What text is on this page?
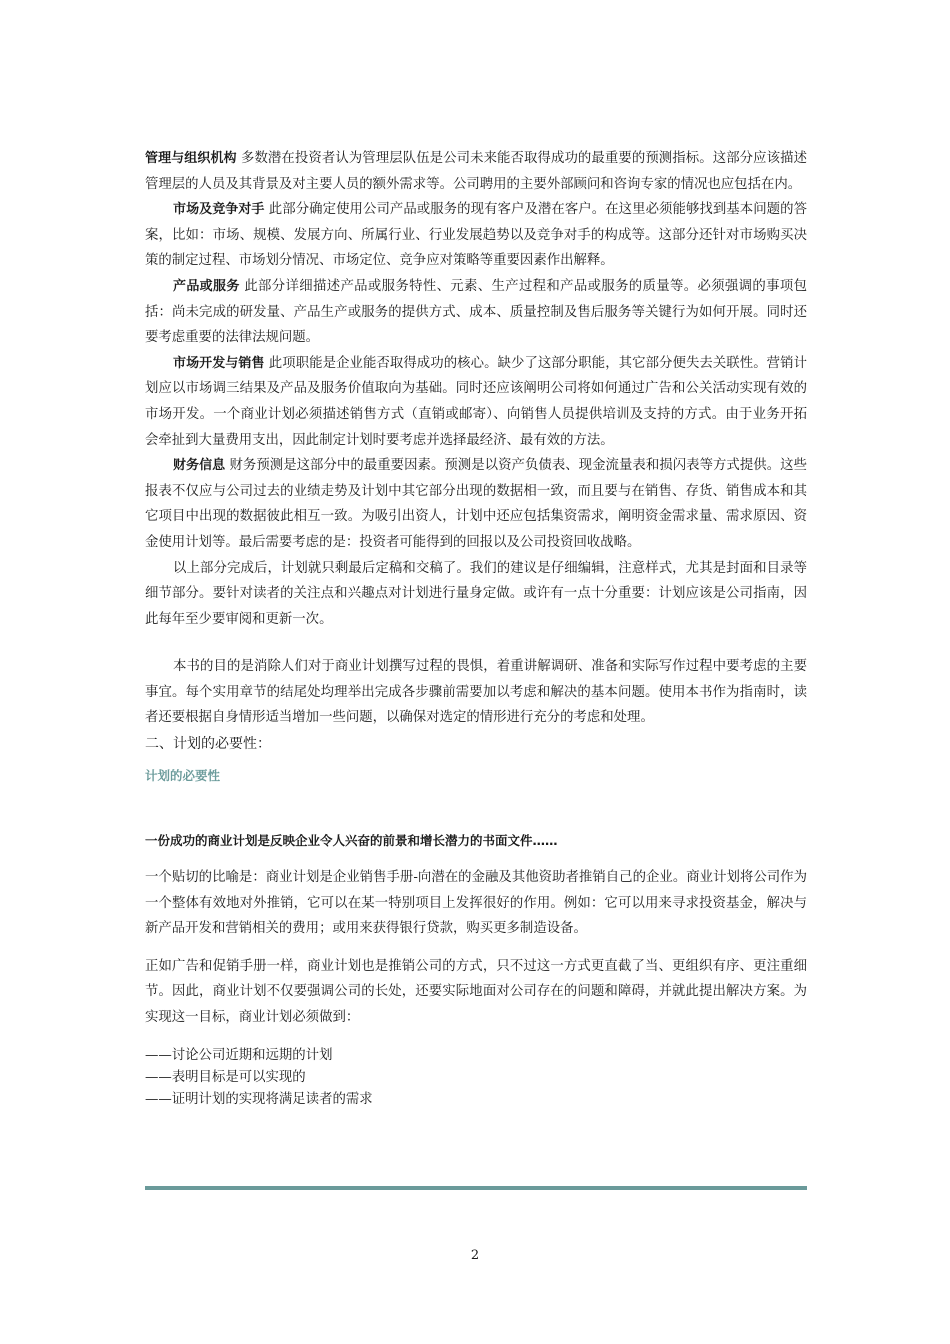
管理与组织机构 多数潜在投资者认为管理层队伍是公司未来能否取得成功的最重要的预测指标。这部分应该描述管理层的人员及其背景及对主要人员的额外需求等。公司聘用的主要外部顾问和咨询专家的情况也应包括在内。

市场及竞争对手 此部分确定使用公司产品或服务的现有客户及潜在客户。在这里必须能够找到基本问题的答案，比如：市场、规模、发展方向、所属行业、行业发展趋势以及竞争对手的构成等。这部分还针对市场购买决策的制定过程、市场划分情况、市场定位、竞争应对策略等重要因素作出解释。

产品或服务 此部分详细描述产品或服务特性、元素、生产过程和产品或服务的质量等。必须强调的事项包括：尚未完成的研发量、产品生产或服务的提供方式、成本、质量控制及售后服务等关键行为如何开展。同时还要考虑重要的法律法规问题。

市场开发与销售 此项职能是企业能否取得成功的核心。缺少了这部分职能，其它部分便失去关联性。营销计划应以市场调三结果及产品及服务价值取向为基础。同时还应该阐明公司将如何通过广告和公关活动实现有效的市场开发。一个商业计划必须描述销售方式（直销或邮寄）、向销售人员提供培训及支持的方式。由于业务开拓会牵扯到大量费用支出，因此制定计划时要考虑并选择最经济、最有效的方法。

财务信息 财务预测是这部分中的最重要因素。预测是以资产负债表、现金流量表和损闪表等方式提供。这些报表不仅应与公司过去的业绩走势及计划中其它部分出现的数据相一致，而且要与在销售、存货、销售成本和其它项目中出现的数据彼此相互一致。为吸引出资人，计划中还应包括集资需求，阐明资金需求量、需求原因、资金使用计划等。最后需要考虑的是：投资者可能得到的回报以及公司投资回收战略。

以上部分完成后，计划就只剩最后定稿和交稿了。我们的建议是仔细编辑，注意样式，尤其是封面和目录等细节部分。要针对读者的关注点和兴趣点对计划进行量身定做。或许有一点十分重要：计划应该是公司指南，因此每年至少要审阅和更新一次。

本书的目的是消除人们对于商业计划撰写过程的畏惧，着重讲解调研、准备和实际写作过程中要考虑的主要事宜。每个实用章节的结尾处均理举出完成各步骤前需要加以考虑和解决的基本问题。使用本书作为指南时，读者还要根据自身情形适当增加一些问题，以确保对选定的情形进行充分的考虑和处理。

二、计划的必要性：

计划的必要性

一份成功的商业计划是反映企业令人兴奋的前景和增长潜力的书面文件……

一个贴切的比喻是：商业计划是企业销售手册-向潜在的金融及其他资助者推销自己的企业。商业计划将公司作为一个整体有效地对外推销，它可以在某一特别项目上发挥很好的作用。例如：它可以用来寻求投资基金，解决与新产品开发和营销相关的费用；或用来获得银行贷款，购买更多制造设备。

正如广告和促销手册一样，商业计划也是推销公司的方式，只不过这一方式更直截了当、更组织有序、更注重细节。因此，商业计划不仅要强调公司的长处，还要实际地面对公司存在的问题和障碍，并就此提出解决方案。为实现这一目标，商业计划必须做到：

——讨论公司近期和远期的计划
——表明目标是可以实现的
——证明计划的实现将满足读者的需求
2
